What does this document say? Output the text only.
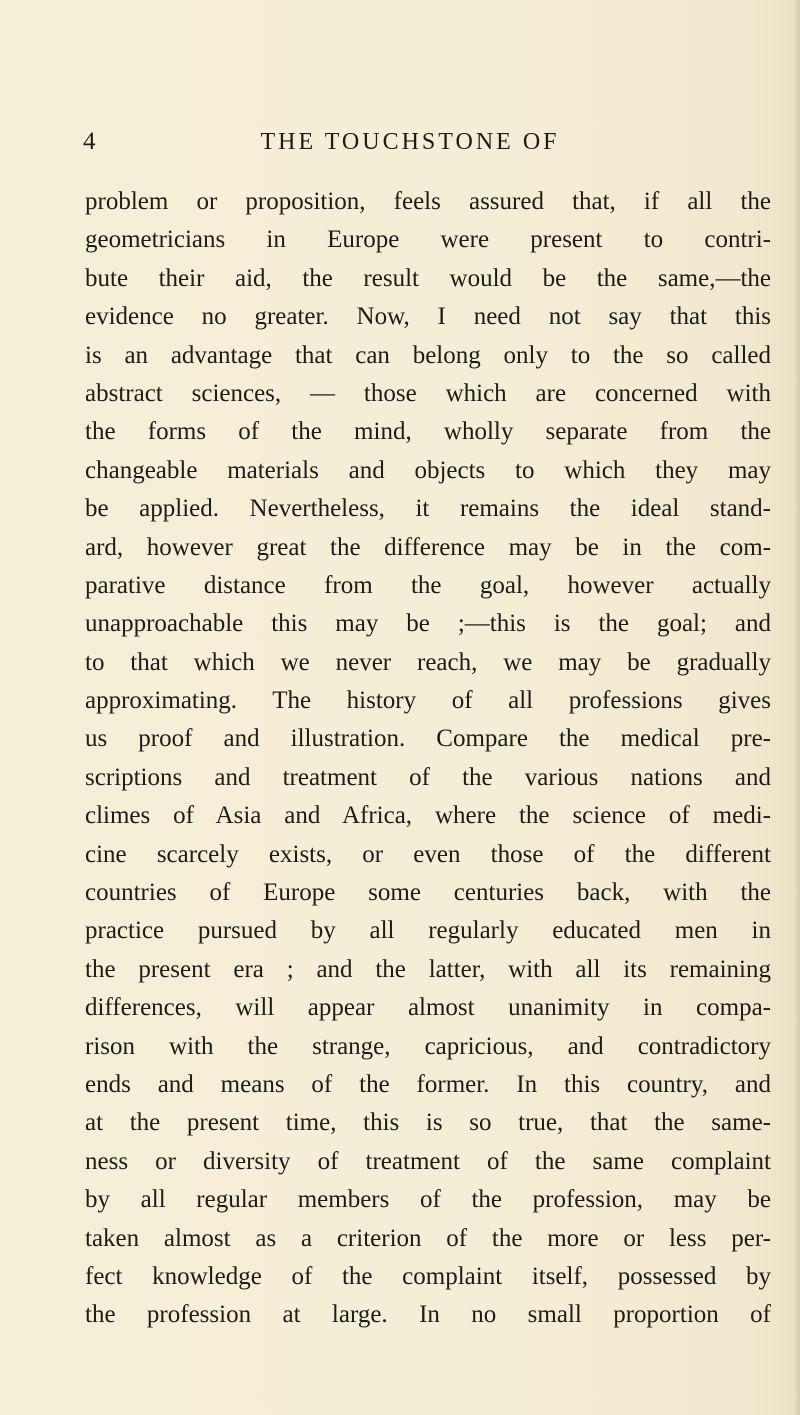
4	THE TOUCHSTONE OF
problem or proposition, feels assured that, if all the
geometricians in Europe were present to contri-
bute their aid, the result would be the same,—the
evidence no greater. Now, I need not say that this
is an advantage that can belong only to the so called
abstract sciences, — those which are concerned with
the forms of the mind, wholly separate from the
changeable materials and objects to which they may
be applied. Nevertheless, it remains the ideal stand-
ard, however great the difference may be in the com-
parative distance from the goal, however actually
unapproachable this may be ;—this is the goal; and
to that which we never reach, we may be gradually
approximating. The history of all professions gives
us proof and illustration. Compare the medical pre-
scriptions and treatment of the various nations and
climes of Asia and Africa, where the science of medi-
cine scarcely exists, or even those of the different
countries of Europe some centuries back, with the
practice pursued by all regularly educated men in
the present era ; and the latter, with all its remaining
differences, will appear almost unanimity in compa-
rison with the strange, capricious, and contradictory
ends and means of the former. In this country, and
at the present time, this is so true, that the same-
ness or diversity of treatment of the same complaint
by all regular members of the profession, may be
taken almost as a criterion of the more or less per-
fect knowledge of the complaint itself, possessed by
the profession at large. In no small proportion of
